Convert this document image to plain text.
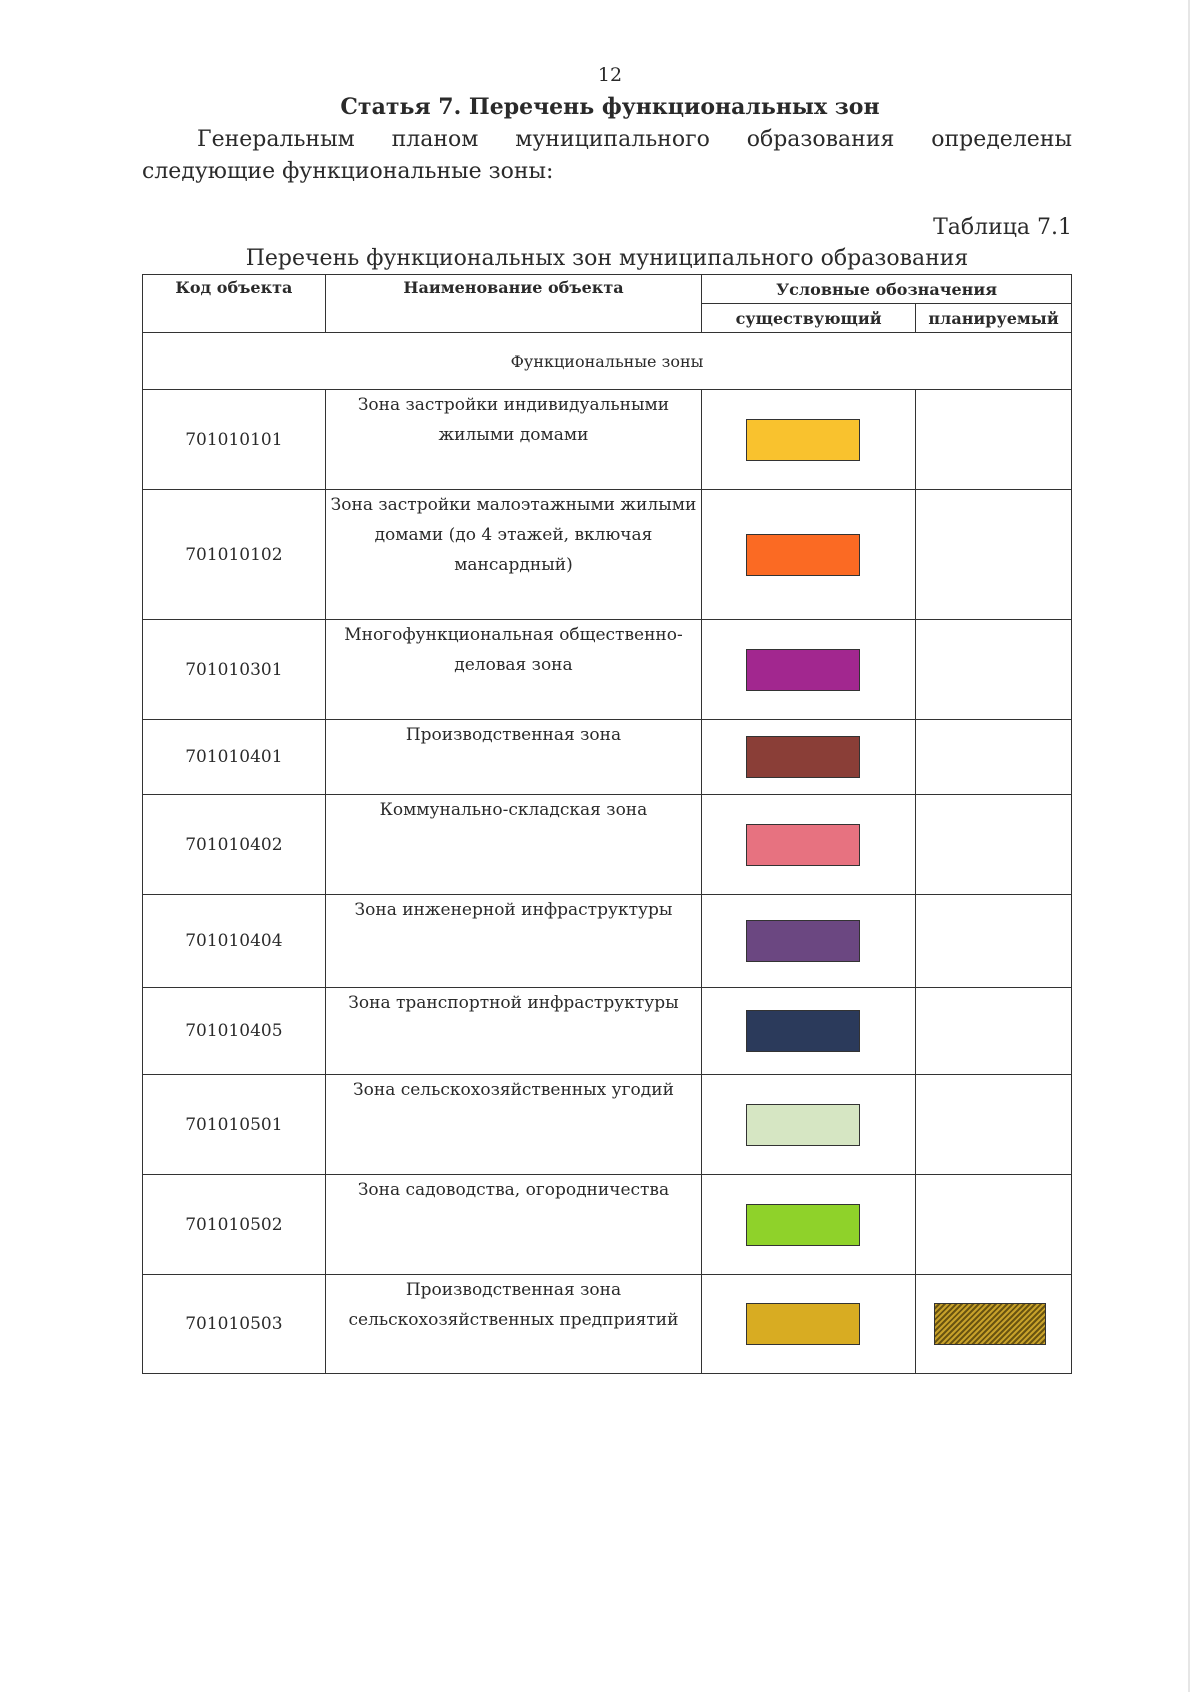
12
Статья 7. Перечень функциональных зон

Генеральным планом муниципального образования определены следующие функциональные зоны:

Таблица 7.1
Перечень функциональных зон муниципального образования
Код объекта	Наименование объекта	Условные обозначения	
		существующий	планируемый
Функциональные зоны			
701010101	Зона застройки индивидуальными жилыми домами	

701010102	Зона застройки малоэтажными жилыми домами (до 4 этажей, включая мансардный)	

701010301	Многофункциональная общественно-деловая зона	

701010401	Производственная зона	

701010402	Коммунально-складская зона	

701010404	Зона инженерной инфраструктуры	

701010405	Зона транспортной инфраструктуры	

701010501	Зона сельскохозяйственных угодий	

701010502	Зона садоводства, огородничества	

701010503	Производственная зона сельскохозяйственных предприятий	
